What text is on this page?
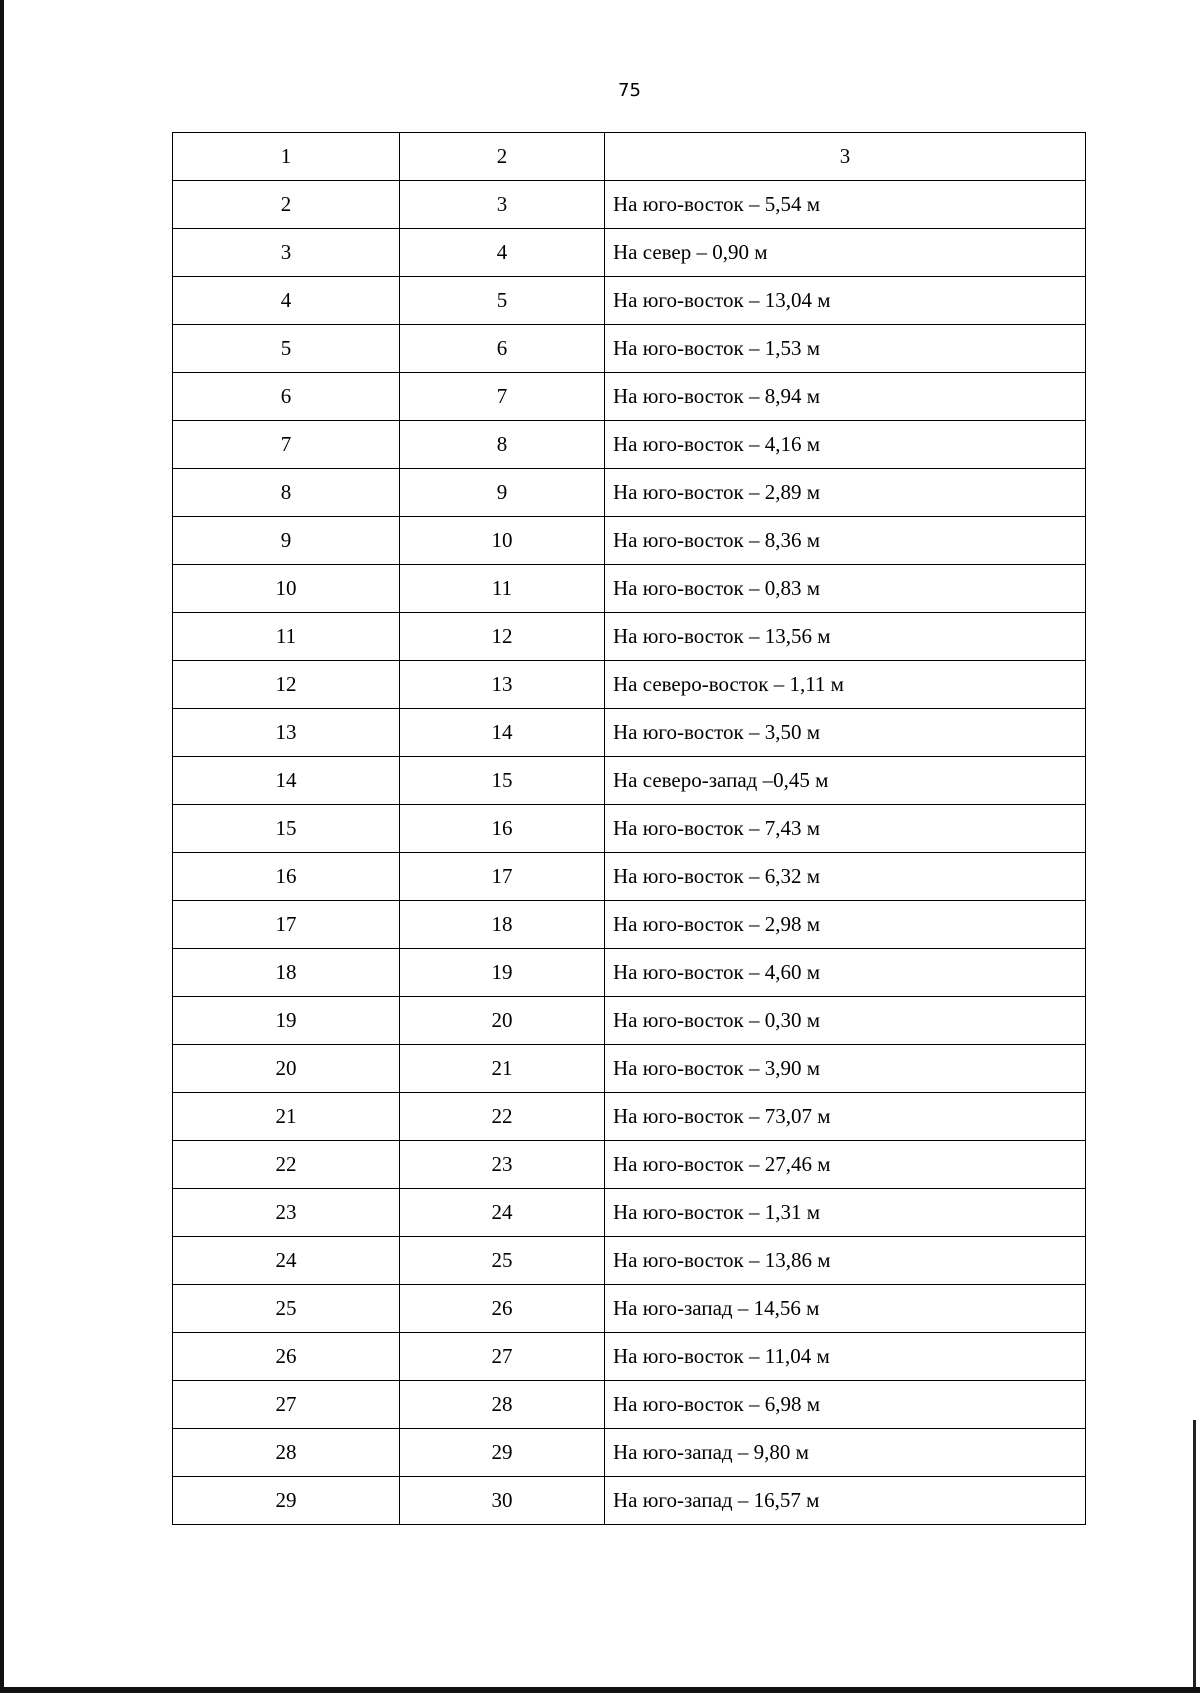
75
1	2	3
2	3	На юго-восток – 5,54 м
3	4	На север – 0,90 м
4	5	На юго-восток – 13,04 м
5	6	На юго-восток – 1,53 м
6	7	На юго-восток – 8,94 м
7	8	На юго-восток – 4,16 м
8	9	На юго-восток – 2,89 м
9	10	На юго-восток – 8,36 м
10	11	На юго-восток – 0,83 м
11	12	На юго-восток – 13,56 м
12	13	На северо-восток – 1,11 м
13	14	На юго-восток – 3,50 м
14	15	На северо-запад –0,45 м
15	16	На юго-восток – 7,43 м
16	17	На юго-восток – 6,32 м
17	18	На юго-восток – 2,98 м
18	19	На юго-восток – 4,60 м
19	20	На юго-восток – 0,30 м
20	21	На юго-восток – 3,90 м
21	22	На юго-восток – 73,07 м
22	23	На юго-восток – 27,46 м
23	24	На юго-восток – 1,31 м
24	25	На юго-восток – 13,86 м
25	26	На юго-запад – 14,56 м
26	27	На юго-восток – 11,04 м
27	28	На юго-восток – 6,98 м
28	29	На юго-запад – 9,80 м
29	30	На юго-запад – 16,57 м
